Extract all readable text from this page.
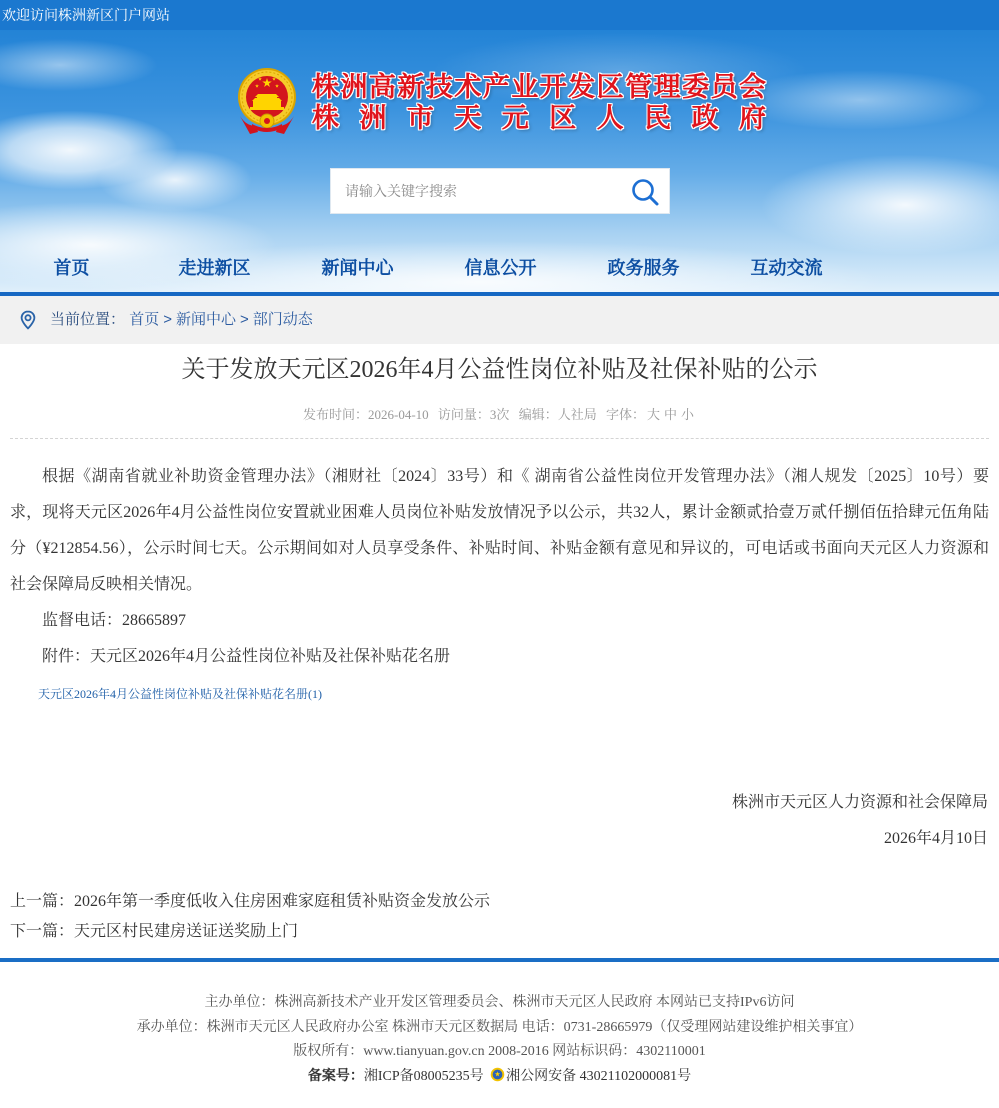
欢迎访问株洲新区门户网站
株洲高新技术产业开发区管理委员会
株 洲 市 天 元 区 人 民 政 府
请输入关键字搜索
首页	走进新区	新闻中心	信息公开	政务服务	互动交流
当前位置： 首页 > 新闻中心 > 部门动态
关于发放天元区2026年4月公益性岗位补贴及社保补贴的公示
发布时间：2026-04-10 访问量：3次 编辑：人社局 字体： 大 中 小

根据《湖南省就业补助资金管理办法》（湘财社〔2024〕33号）和《 湖南省公益性岗位开发管理办法》（湘人规发〔2025〕10号）要求，现将天元区2026年4月公益性岗位安置就业困难人员岗位补贴发放情况予以公示，共32人，累计金额贰拾壹万贰仟捌佰伍拾肆元伍角陆分（¥212854.56），公示时间七天。公示期间如对人员享受条件、补贴时间、补贴金额有意见和异议的，可电话或书面向天元区人力资源和社会保障局反映相关情况。

监督电话：28665897

附件：天元区2026年4月公益性岗位补贴及社保补贴花名册

天元区2026年4月公益性岗位补贴及社保补贴花名册(1)
株洲市天元区人力资源和社会保障局
2026年4月10日
上一篇：2026年第一季度低收入住房困难家庭租赁补贴资金发放公示
下一篇：天元区村民建房送证送奖励上门
主办单位：株洲高新技术产业开发区管理委员会、株洲市天元区人民政府 本网站已支持IPv6访问
承办单位：株洲市天元区人民政府办公室 株洲市天元区数据局 电话：0731-28665979（仅受理网站建设维护相关事宜）
版权所有：www.tianyuan.gov.cn 2008-2016 网站标识码：4302110001
备案号：湘ICP备08005235号 湘公网安备 43021102000081号
